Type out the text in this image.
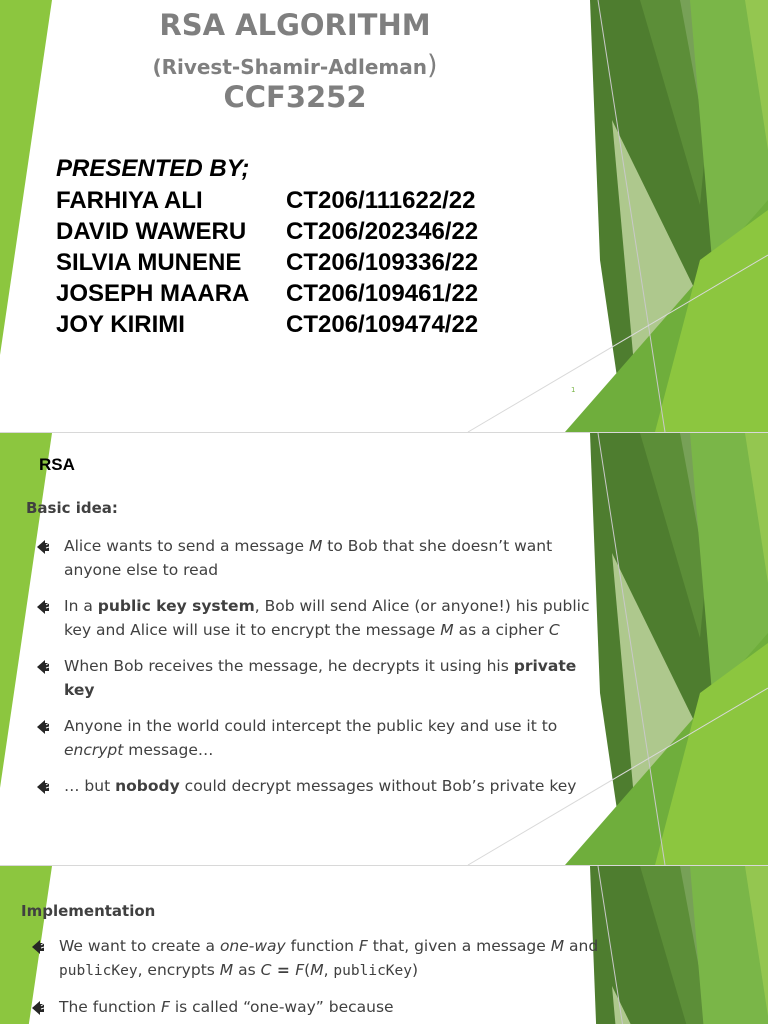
RSA ALGORITHM
(Rivest-Shamir-Adleman)
CCF3252

PRESENTED BY;

FARHIYA ALI	CT206/111622/22
DAVID WAWERU	CT206/202346/22
SILVIA MUNENE	CT206/109336/22
JOSEPH MAARA	CT206/109461/22
JOY KIRIMI	CT206/109474/22
1
RSA

Basic idea:

Alice wants to send a message M to Bob that she doesn’t want anyone else to read
In a public key system, Bob will send Alice (or anyone!) his public key and Alice will use it to encrypt the message M as a cipher C
When Bob receives the message, he decrypts it using his private key
Anyone in the world could intercept the public key and use it to encrypt message…
… but nobody could decrypt messages without Bob’s private key
Implementation
We want to create a one-way function F that, given a message M and publicKey, encrypts M as C = F(M, publicKey)
The function F is called “one-way” because
